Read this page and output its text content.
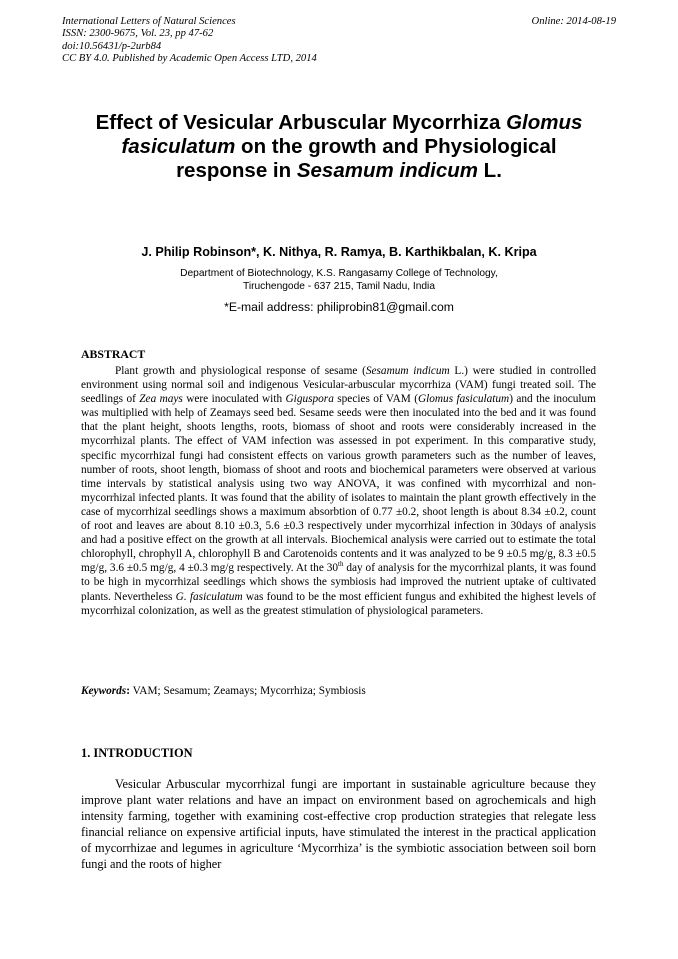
International Letters of Natural Sciences
ISSN: 2300-9675, Vol. 23, pp 47-62
doi:10.56431/p-2urb84
CC BY 4.0. Published by Academic Open Access LTD, 2014
Online: 2014-08-19
Effect of Vesicular Arbuscular Mycorrhiza Glomus
fasiculatum on the growth and Physiological
response in Sesamum indicum L.
J. Philip Robinson*, K. Nithya, R. Ramya, B. Karthikbalan, K. Kripa
Department of Biotechnology, K.S. Rangasamy College of Technology,
Tiruchengode - 637 215, Tamil Nadu, India
*E-mail address: philiprobin81@gmail.com
ABSTRACT

Plant growth and physiological response of sesame (Sesamum indicum L.) were studied in controlled environment using normal soil and indigenous Vesicular-arbuscular mycorrhiza (VAM) fungi treated soil. The seedlings of Zea mays were inoculated with Giguspora species of VAM (Glomus fasiculatum) and the inoculum was multiplied with help of Zeamays seed bed. Sesame seeds were then inoculated into the bed and it was found that the plant height, shoots lengths, roots, biomass of shoot and roots were considerably increased in the mycorrhizal plants. The effect of VAM infection was assessed in pot experiment. In this comparative study, specific mycorrhizal fungi had consistent effects on various growth parameters such as the number of leaves, number of roots, shoot length, biomass of shoot and roots and biochemical parameters were observed at various time intervals by statistical analysis using two way ANOVA, it was confined with mycorrhizal and non-mycorrhizal infected plants. It was found that the ability of isolates to maintain the plant growth effectively in the case of mycorrhizal seedlings shows a maximum absorbtion of 0.77 ±0.2, shoot length is about 8.34 ±0.2, count of root and leaves are about 8.10 ±0.3, 5.6 ±0.3 respectively under mycorrhizal infection in 30days of analysis and had a positive effect on the growth at all intervals. Biochemical analysis were carried out to estimate the total chlorophyll, chrophyll A, chlorophyll B and Carotenoids contents and it was analyzed to be 9 ±0.5 mg/g, 8.3 ±0.5 mg/g, 3.6 ±0.5 mg/g, 4 ±0.3 mg/g respectively. At the 30th day of analysis for the mycorrhizal plants, it was found to be high in mycorrhizal seedlings which shows the symbiosis had improved the nutrient uptake of cultivated plants. Nevertheless G. fasiculatum was found to be the most efficient fungus and exhibited the highest levels of mycorrhizal colonization, as well as the greatest stimulation of physiological parameters.

Keywords: VAM; Sesamum; Zeamays; Mycorrhiza; Symbiosis
1. INTRODUCTION

Vesicular Arbuscular mycorrhizal fungi are important in sustainable agriculture because they improve plant water relations and have an impact on environment based on agrochemicals and high intensity farming, together with examining cost-effective crop production strategies that relegate less financial reliance on expensive artificial inputs, have stimulated the interest in the practical application of mycorrhizae and legumes in agriculture ‘Mycorrhiza’ is the symbiotic association between soil born fungi and the roots of higher
